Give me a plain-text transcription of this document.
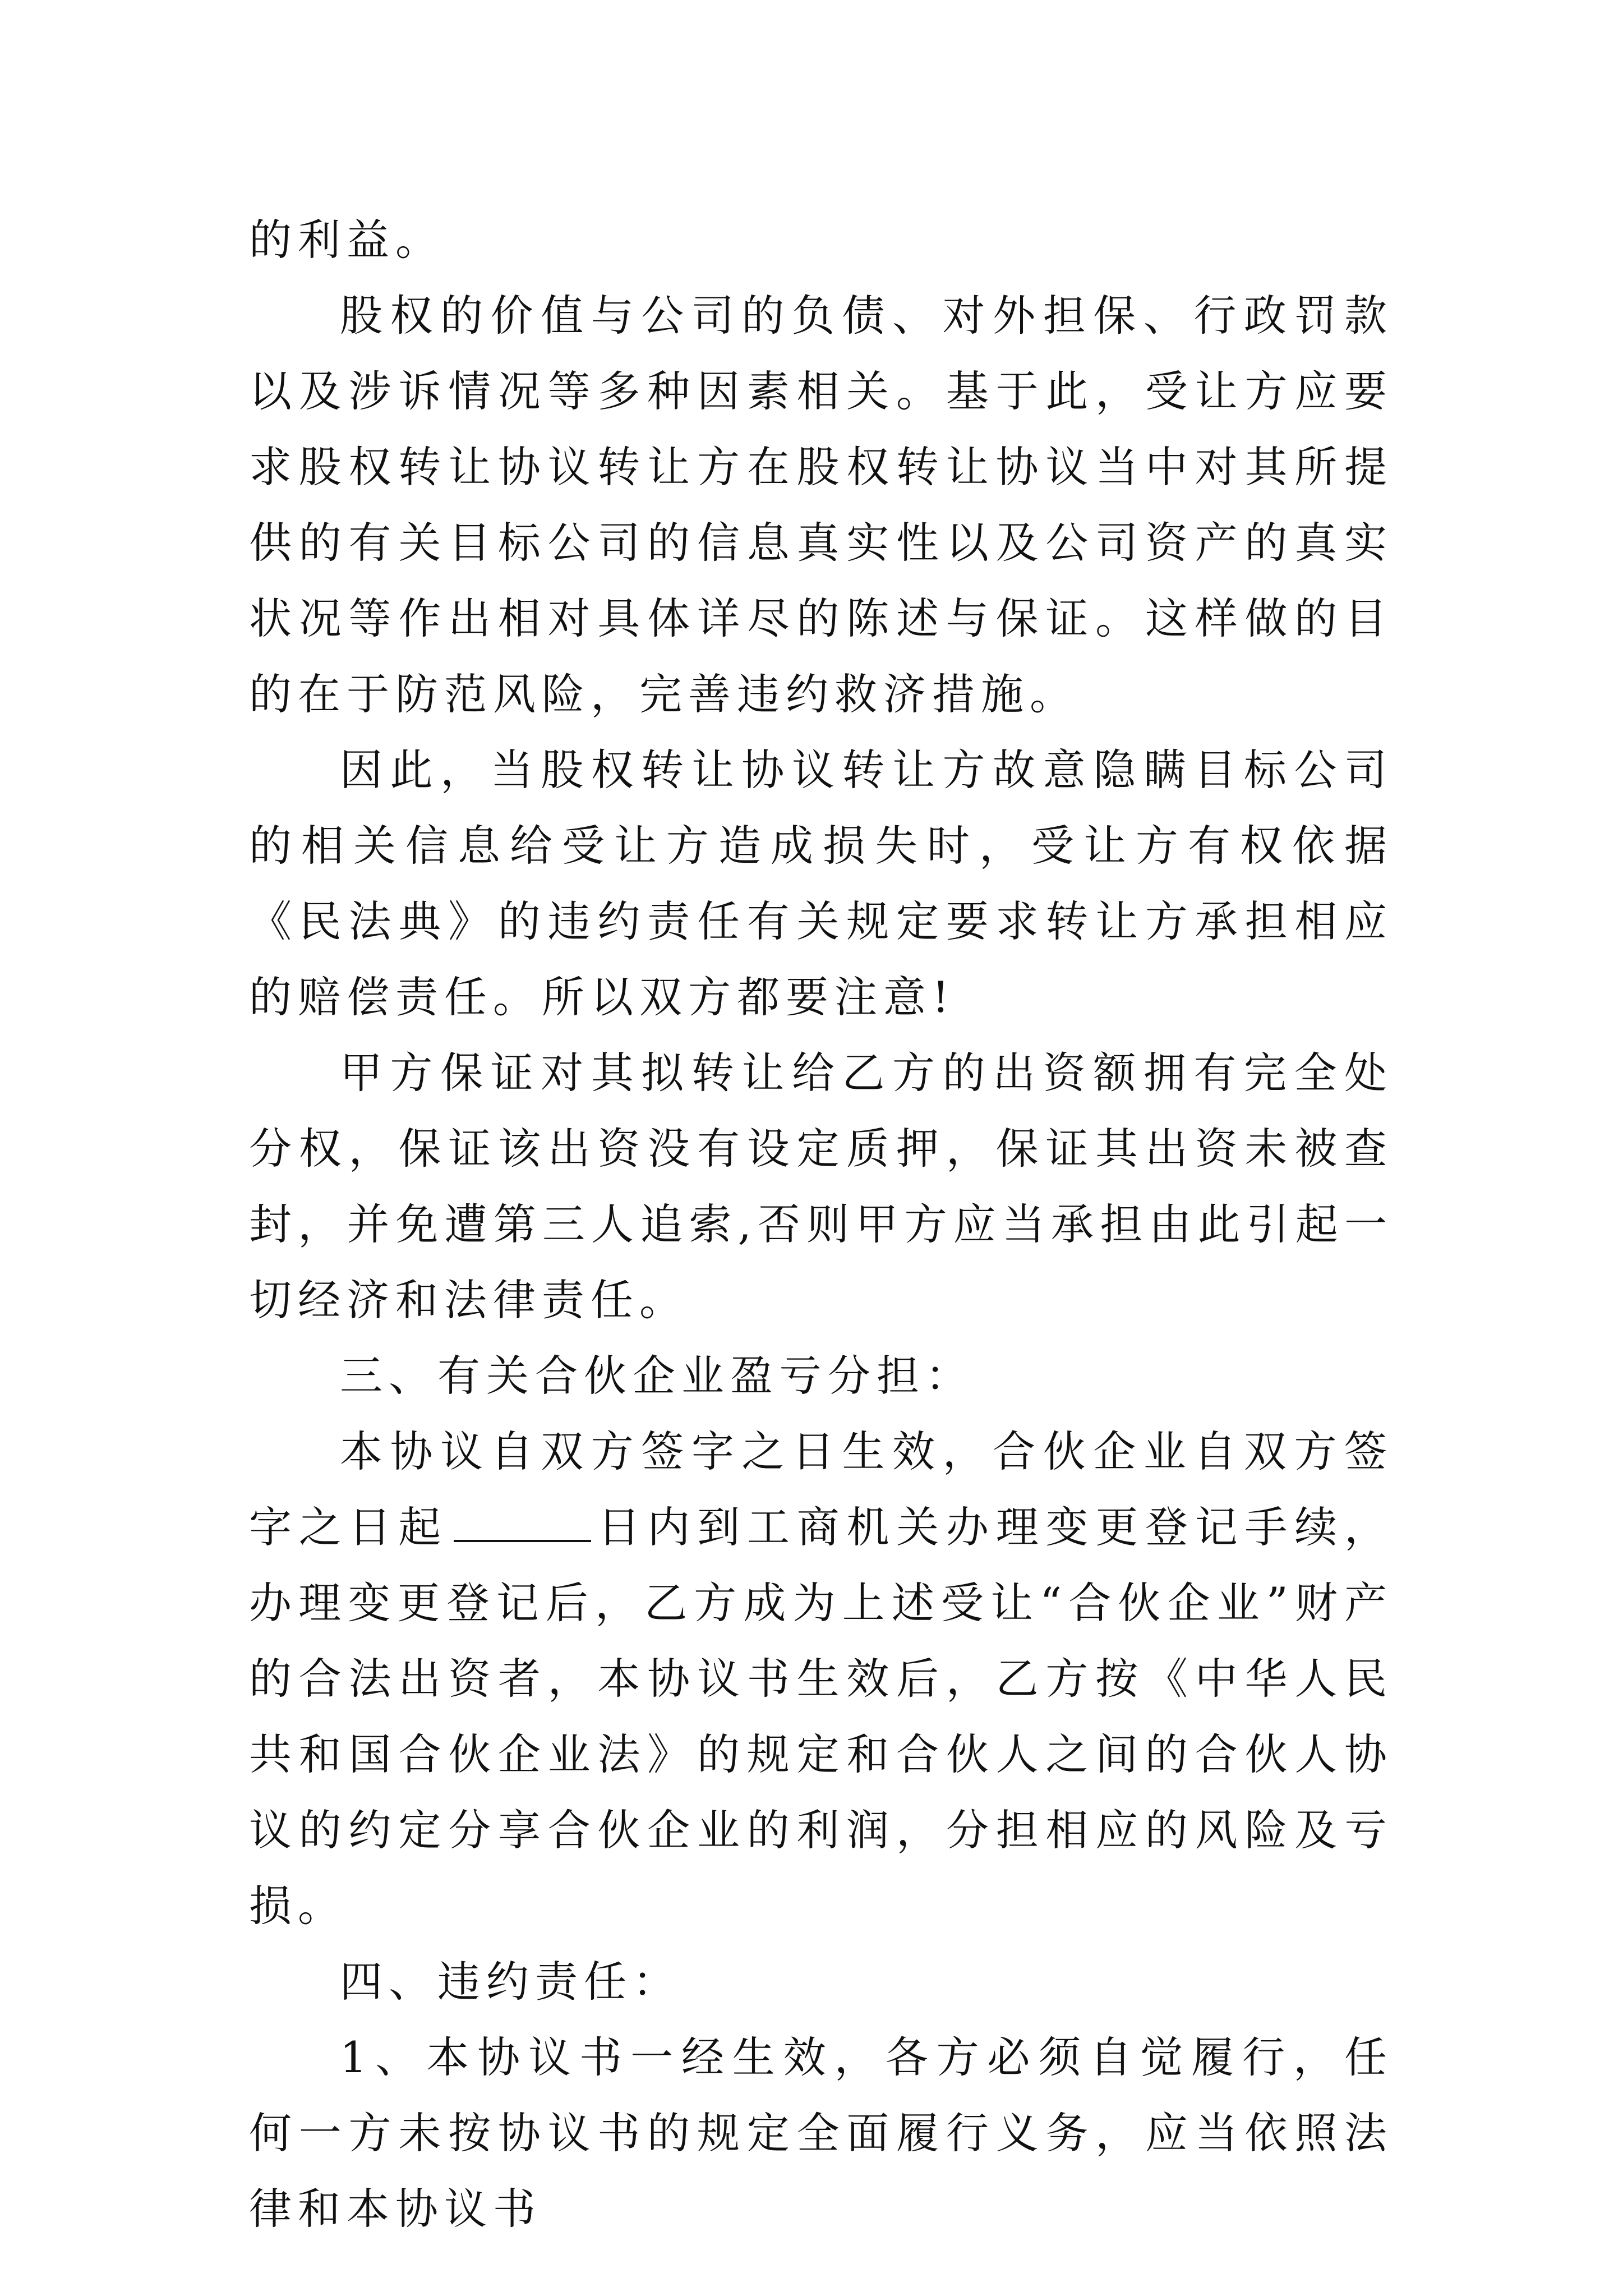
的利益。

股权的价值与公司的负债、对外担保、行政罚款以及涉诉情况等多种因素相关。基于此，受让方应要求股权转让协议转让方在股权转让协议当中对其所提供的有关目标公司的信息真实性以及公司资产的真实状况等作出相对具体详尽的陈述与保证。这样做的目的在于防范风险，完善违约救济措施。

因此，当股权转让协议转让方故意隐瞒目标公司的相关信息给受让方造成损失时，受让方有权依据《民法典》的违约责任有关规定要求转让方承担相应的赔偿责任。所以双方都要注意!

甲方保证对其拟转让给乙方的出资额拥有完全处分权，保证该出资没有设定质押，保证其出资未被查封，并免遭第三人追索,否则甲方应当承担由此引起一切经济和法律责任。

三、有关合伙企业盈亏分担：

本协议自双方签字之日生效，合伙企业自双方签字之日起	日内到工商机关办理变更登记手续，办理变更登记后，乙方成为上述受让“合伙企业”财产的合法出资者，本协议书生效后，乙方按《中华人民共和国合伙企业法》的规定和合伙人之间的合伙人协议的约定分享合伙企业的利润，分担相应的风险及亏损。

四、违约责任：

1、本协议书一经生效，各方必须自觉履行，任何一方未按协议书的规定全面履行义务，应当依照法律和本协议书
